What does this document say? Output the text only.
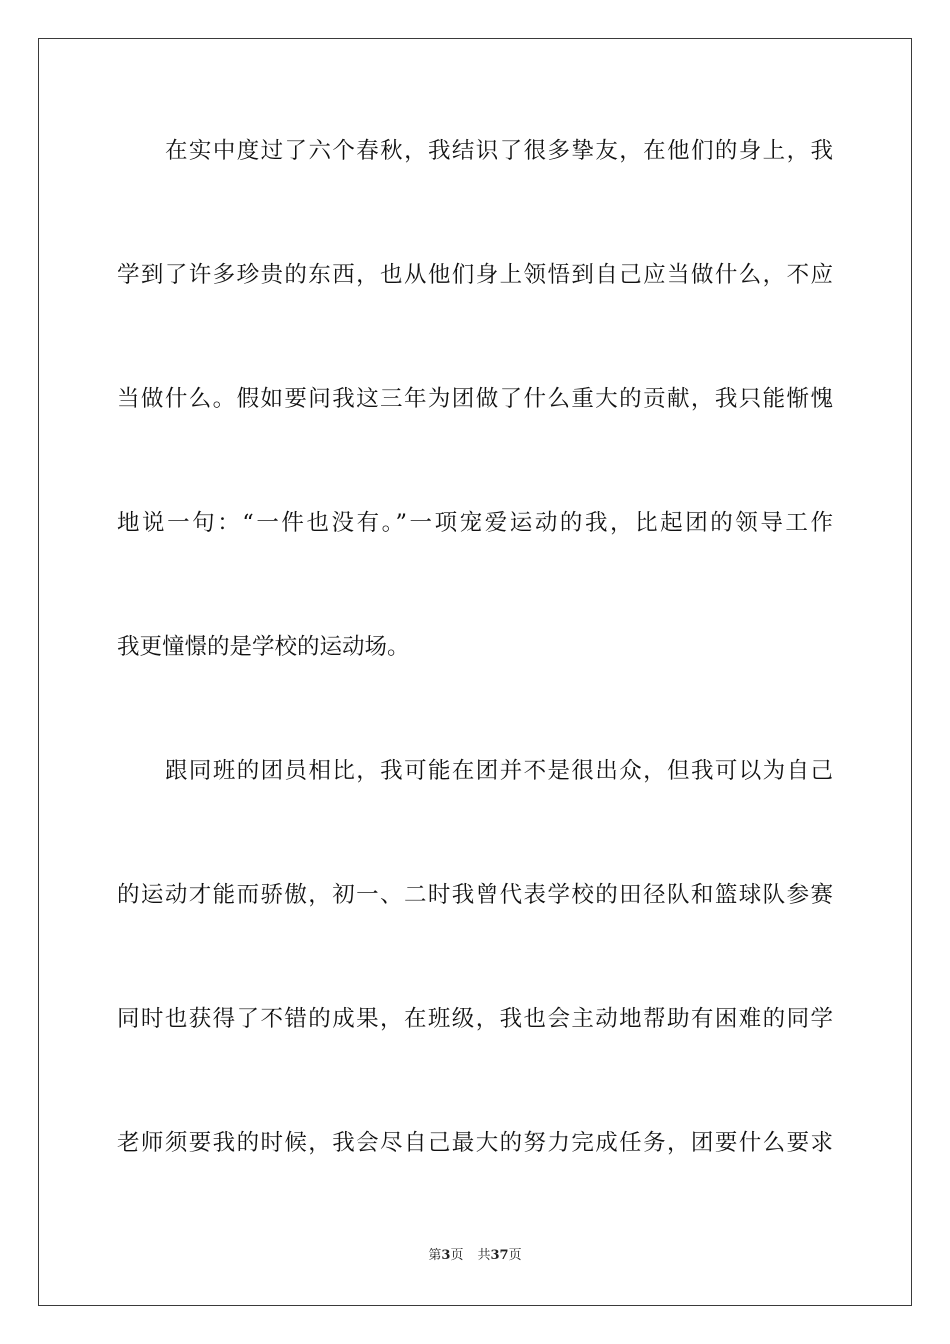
在实中度过了六个春秋，我结识了很多挚友，在他们的身上，我
学到了许多珍贵的东西，也从他们身上领悟到自己应当做什么，不应
当做什么。假如要问我这三年为团做了什么重大的贡献，我只能惭愧
地说一句：“一件也没有。”一项宠爱运动的我，比起团的领导工作
我更憧憬的是学校的运动场。
跟同班的团员相比，我可能在团并不是很出众，但我可以为自己
的运动才能而骄傲，初一、二时我曾代表学校的田径队和篮球队参赛
同时也获得了不错的成果，在班级，我也会主动地帮助有困难的同学
老师须要我的时候，我会尽自己最大的努力完成任务，团要什么要求
第3页 共37页
